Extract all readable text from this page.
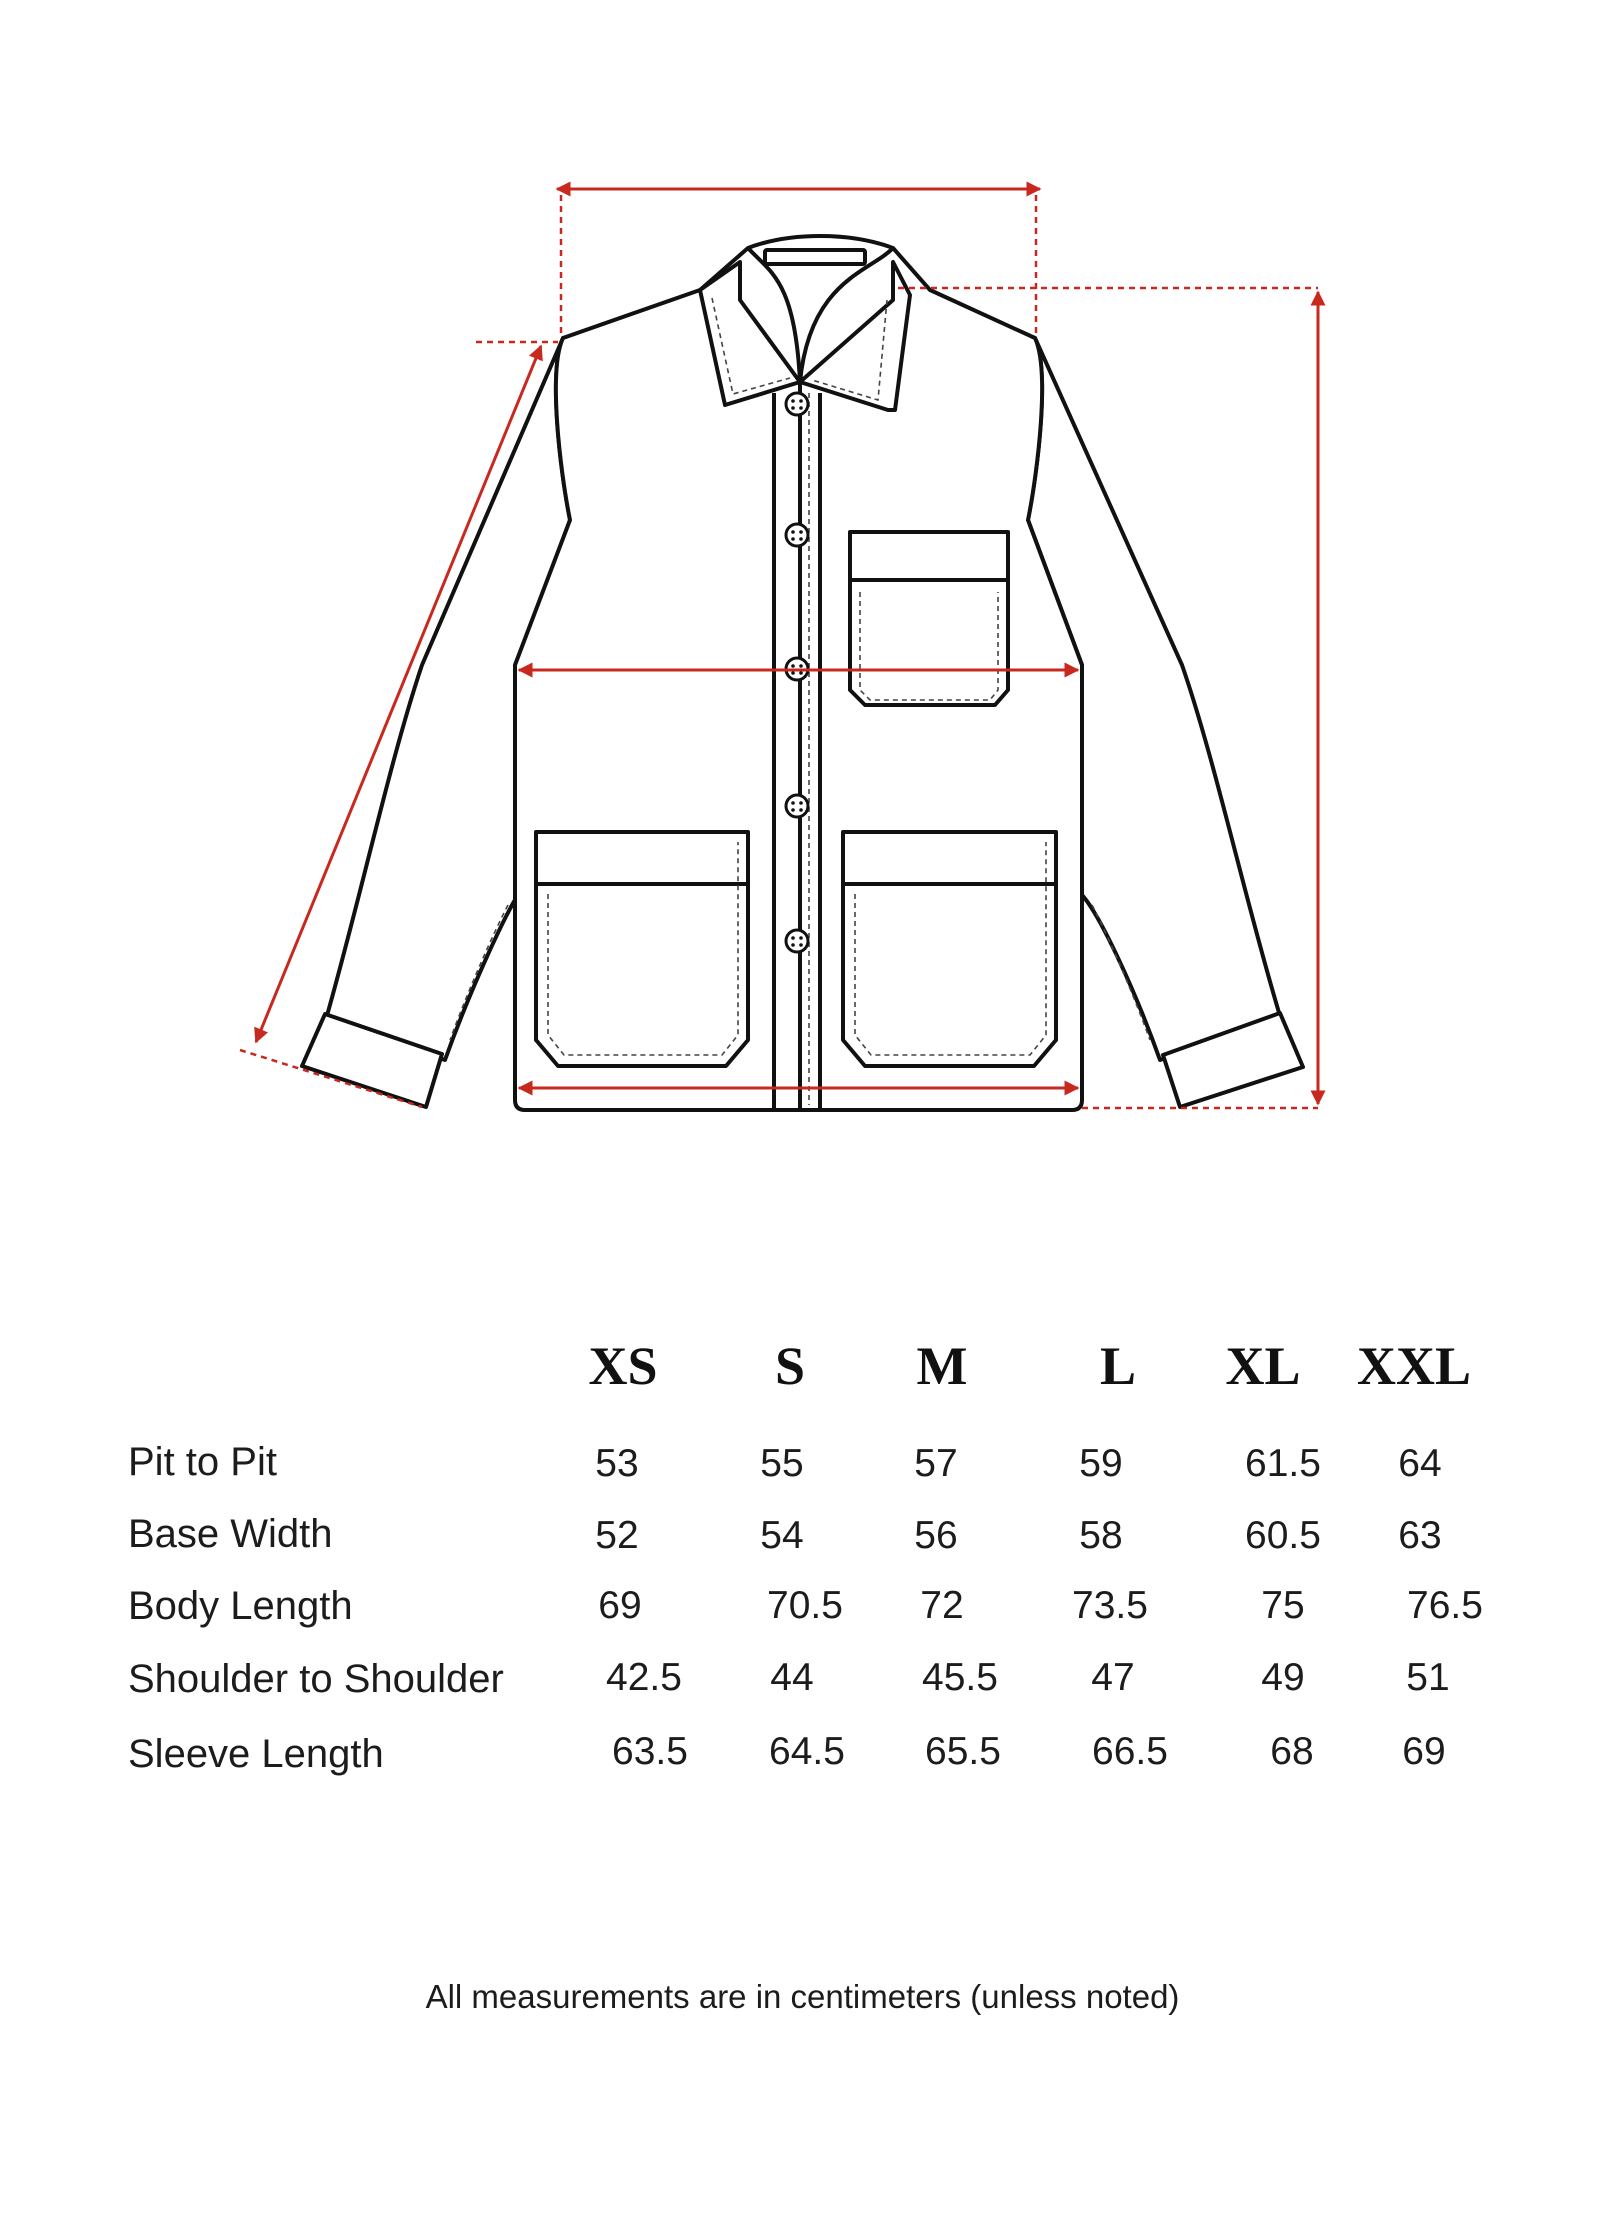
XS	S	M	L	XL	XXL
Pit to Pit	53	55	57	59	61.5	64
Base Width	52	54	56	58	60.5	63
Body Length	69	70.5	72	73.5	75	76.5
Shoulder to Shoulder	42.5	44	45.5	47	49	51
Sleeve Length	63.5	64.5	65.5	66.5	68	69
All measurements are in centimeters (unless noted)
